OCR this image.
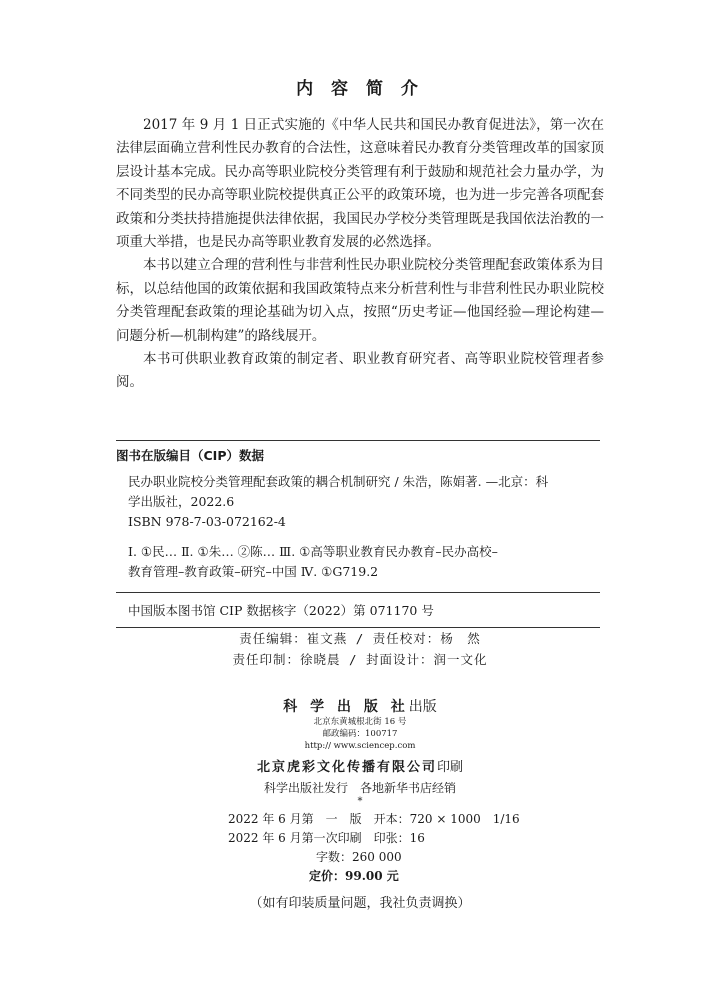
内 容 简 介

2017 年 9 月 1 日正式实施的《中华人民共和国民办教育促进法》，第一次在法律层面确立营利性民办教育的合法性，这意味着民办教育分类管理改革的国家顶层设计基本完成。民办高等职业院校分类管理有利于鼓励和规范社会力量办学，为不同类型的民办高等职业院校提供真正公平的政策环境，也为进一步完善各项配套政策和分类扶持措施提供法律依据，我国民办学校分类管理既是我国依法治教的一项重大举措，也是民办高等职业教育发展的必然选择。

本书以建立合理的营利性与非营利性民办职业院校分类管理配套政策体系为目标，以总结他国的政策依据和我国政策特点来分析营利性与非营利性民办职业院校分类管理配套政策的理论基础为切入点，按照“历史考证—他国经验—理论构建—问题分析—机制构建”的路线展开。

本书可供职业教育政策的制定者、职业教育研究者、高等职业院校管理者参阅。

图书在版编目（CIP）数据

民办职业院校分类管理配套政策的耦合机制研究 / 朱浩，陈娟著. —北京：科

学出版社，2022.6

ISBN 978-7-03-072162-4

Ⅰ. ①民… Ⅱ. ①朱… ②陈… Ⅲ. ①高等职业教育民办教育–民办高校–

教育管理–教育政策–研究–中国 Ⅳ. ①G719.2

中国版本图书馆 CIP 数据核字（2022）第 071170 号
责任编辑：崔文燕 / 责任校对：杨　然
责任印制：徐晓晨 / 封面设计：润一文化
科 学 出 版 社出版
北京东黄城根北街 16 号
邮政编码：100717
http:// www.sciencep.com
北京虎彩文化传播有限公司印刷
科学出版社发行　各地新华书店经销
*
2022 年 6 月第　一　版　开本：720 × 1000　1/16
2022 年 6 月第一次印刷　印张：16
字数：260 000
定价：99.00 元
（如有印装质量问题，我社负责调换）
